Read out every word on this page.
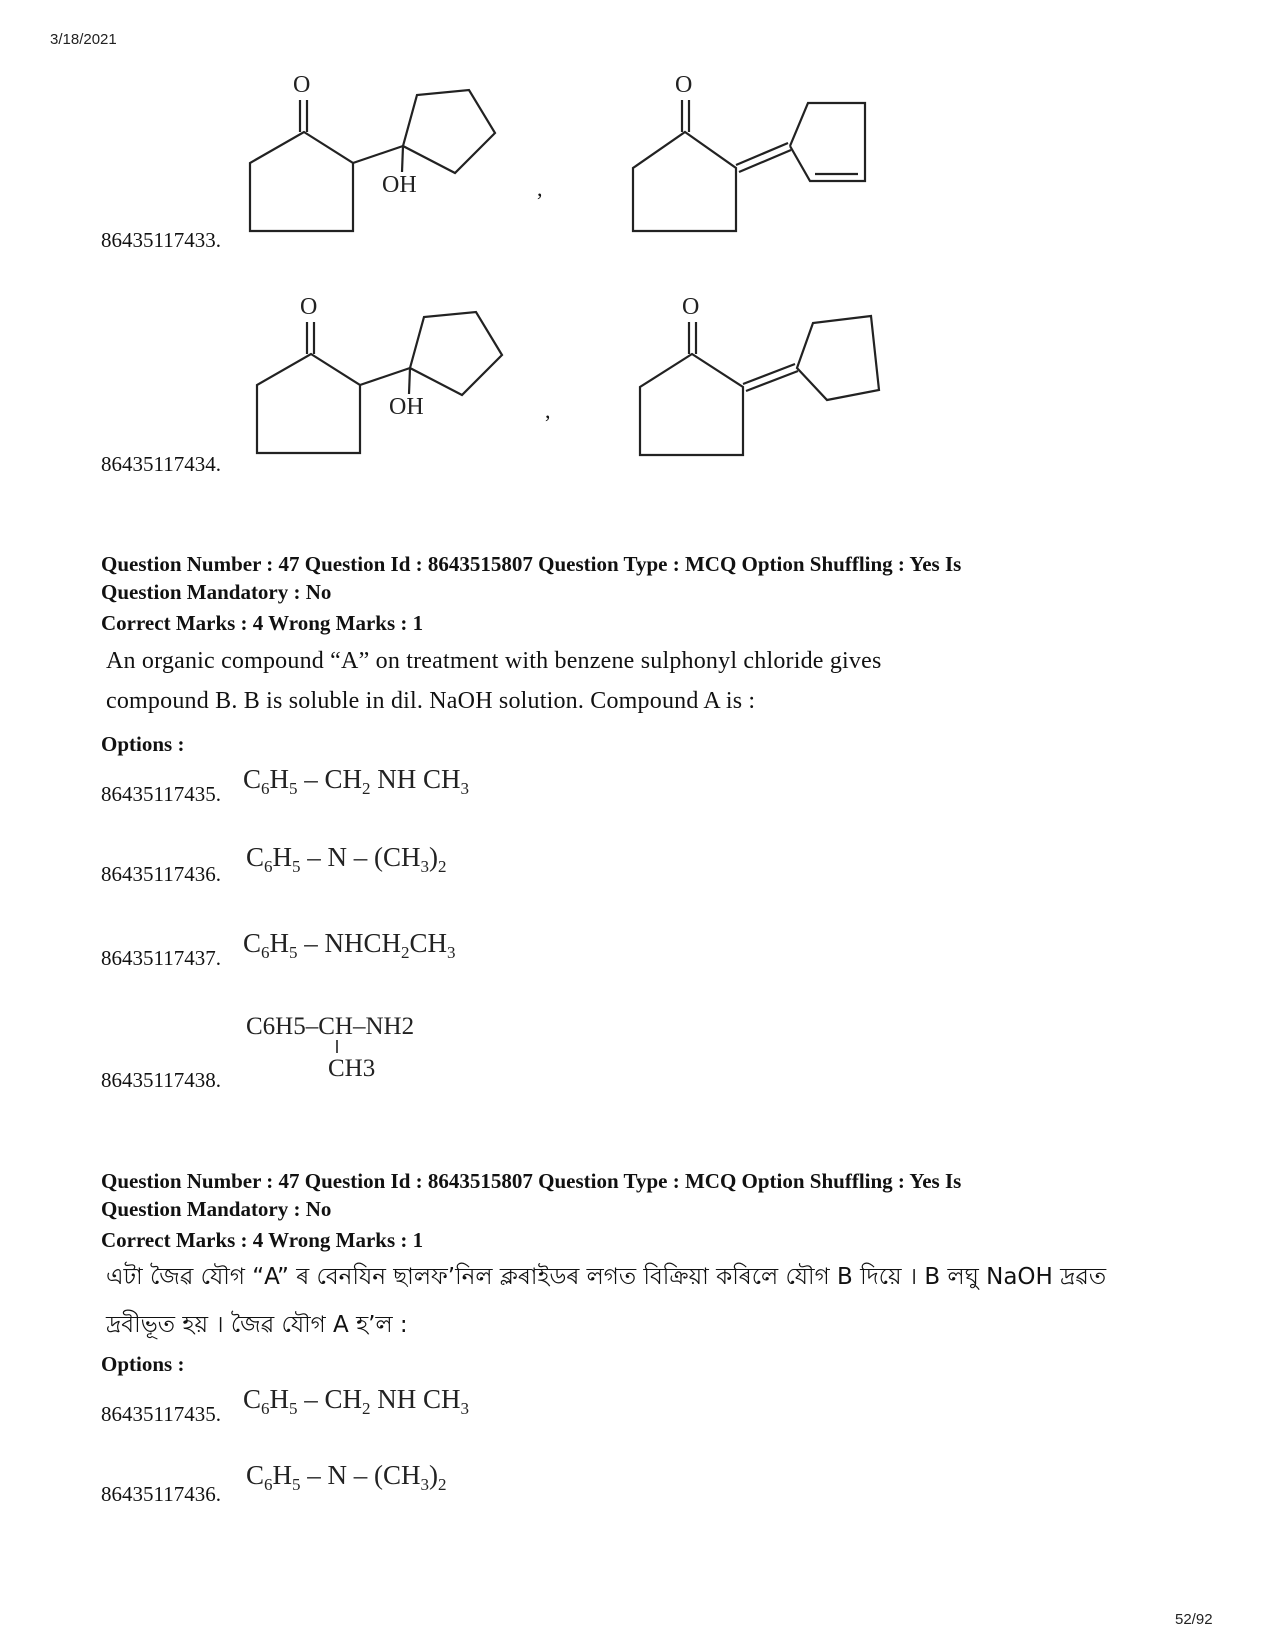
3/18/2021
52/92
O
OH	,
O
86435117433.
O
OH	,
O
86435117434.
Question Number : 47 Question Id : 8643515807 Question Type : MCQ Option Shuffling : Yes Is
Question Mandatory : No
Correct Marks : 4 Wrong Marks : 1
An organic compound “A” on treatment with benzene sulphonyl chloride gives
compound B. B is soluble in dil. NaOH solution. Compound A is :
Options :
86435117435. $C_6H_5 - CH_2$ NH $CH_3$
86435117436.
$C_6H_5$ – N – $(CH_3)_2$
86435117437. $C_6H_5$ – $NHCH_2CH_3$
86435117438.
C6H5–CH–NH2
CH3
Question Number : 47 Question Id : 8643515807 Question Type : MCQ Option Shuffling : Yes Is
Question Mandatory : No
Correct Marks : 4 Wrong Marks : 1
এটা জৈৱ যৌগ “A” ৰ বেনযিন ছালফ’নিল ক্লৰাইডৰ লগত বিক্ৰিয়া কৰিলে যৌগ B দিয়ে । B লঘু NaOH দ্ৰৱত
দ্ৰবীভূত হয় । জৈৱ যৌগ A হ’ল :
Options :
86435117435. $C_6H_5 - CH_2$ NH $CH_3$
86435117436.
$C_6H_5$ – N – $(CH_3)_2$
